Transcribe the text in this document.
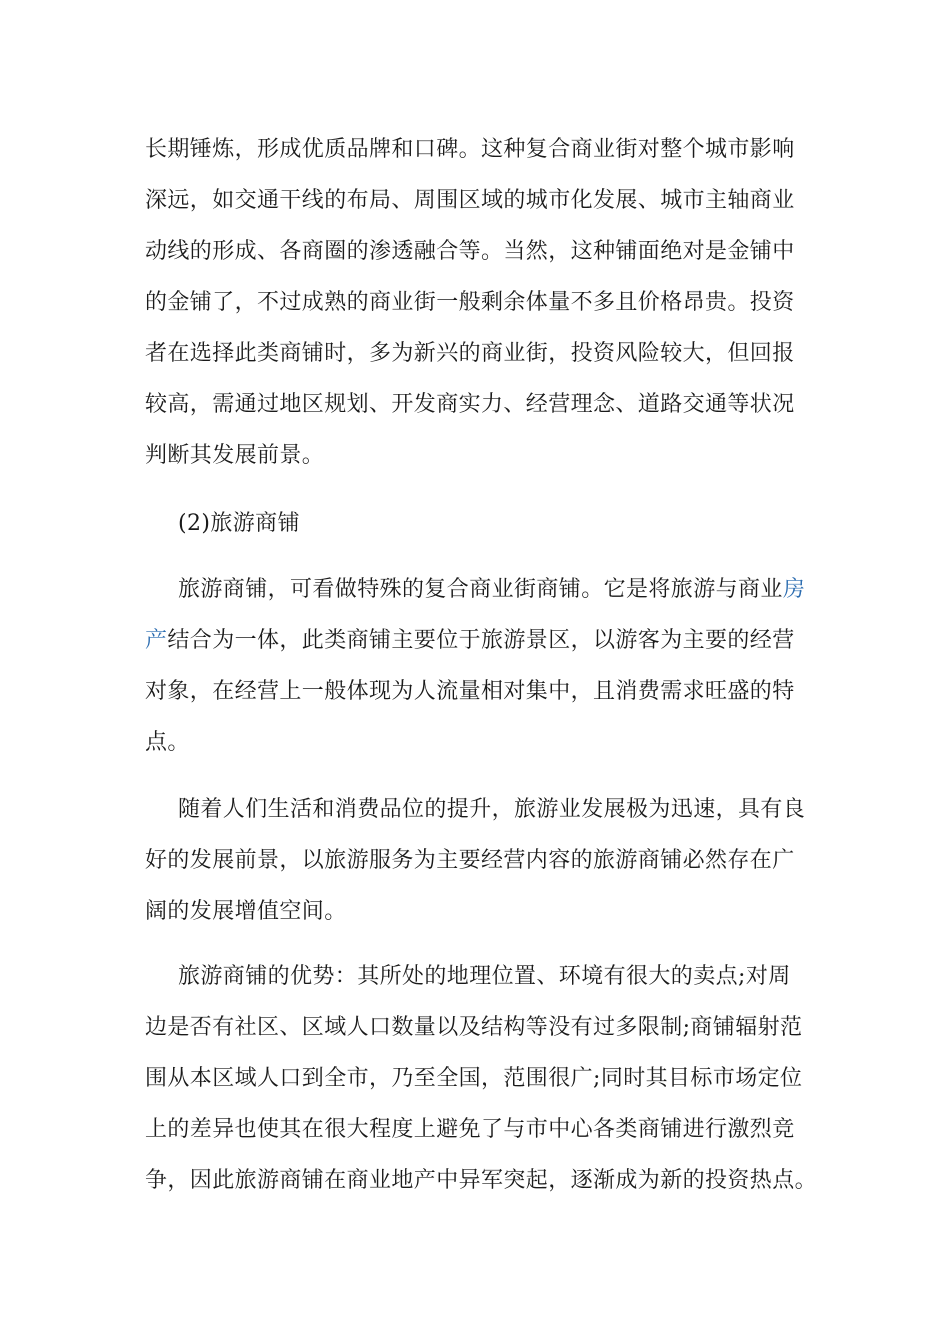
长期锤炼，形成优质品牌和口碑。这种复合商业街对整个城市影响
深远，如交通干线的布局、周围区域的城市化发展、城市主轴商业
动线的形成、各商圈的渗透融合等。当然，这种铺面绝对是金铺中
的金铺了，不过成熟的商业街一般剩余体量不多且价格昂贵。投资
者在选择此类商铺时，多为新兴的商业街，投资风险较大，但回报
较高，需通过地区规划、开发商实力、经营理念、道路交通等状况
判断其发展前景。
(2)旅游商铺
旅游商铺，可看做特殊的复合商业街商铺。它是将旅游与商业房
产结合为一体，此类商铺主要位于旅游景区，以游客为主要的经营
对象，在经营上一般体现为人流量相对集中，且消费需求旺盛的特
点。
随着人们生活和消费品位的提升，旅游业发展极为迅速，具有良
好的发展前景，以旅游服务为主要经营内容的旅游商铺必然存在广
阔的发展增值空间。
旅游商铺的优势：其所处的地理位置、环境有很大的卖点;对周
边是否有社区、区域人口数量以及结构等没有过多限制;商铺辐射范
围从本区域人口到全市，乃至全国，范围很广;同时其目标市场定位
上的差异也使其在很大程度上避免了与市中心各类商铺进行激烈竞
争，因此旅游商铺在商业地产中异军突起，逐渐成为新的投资热点。
